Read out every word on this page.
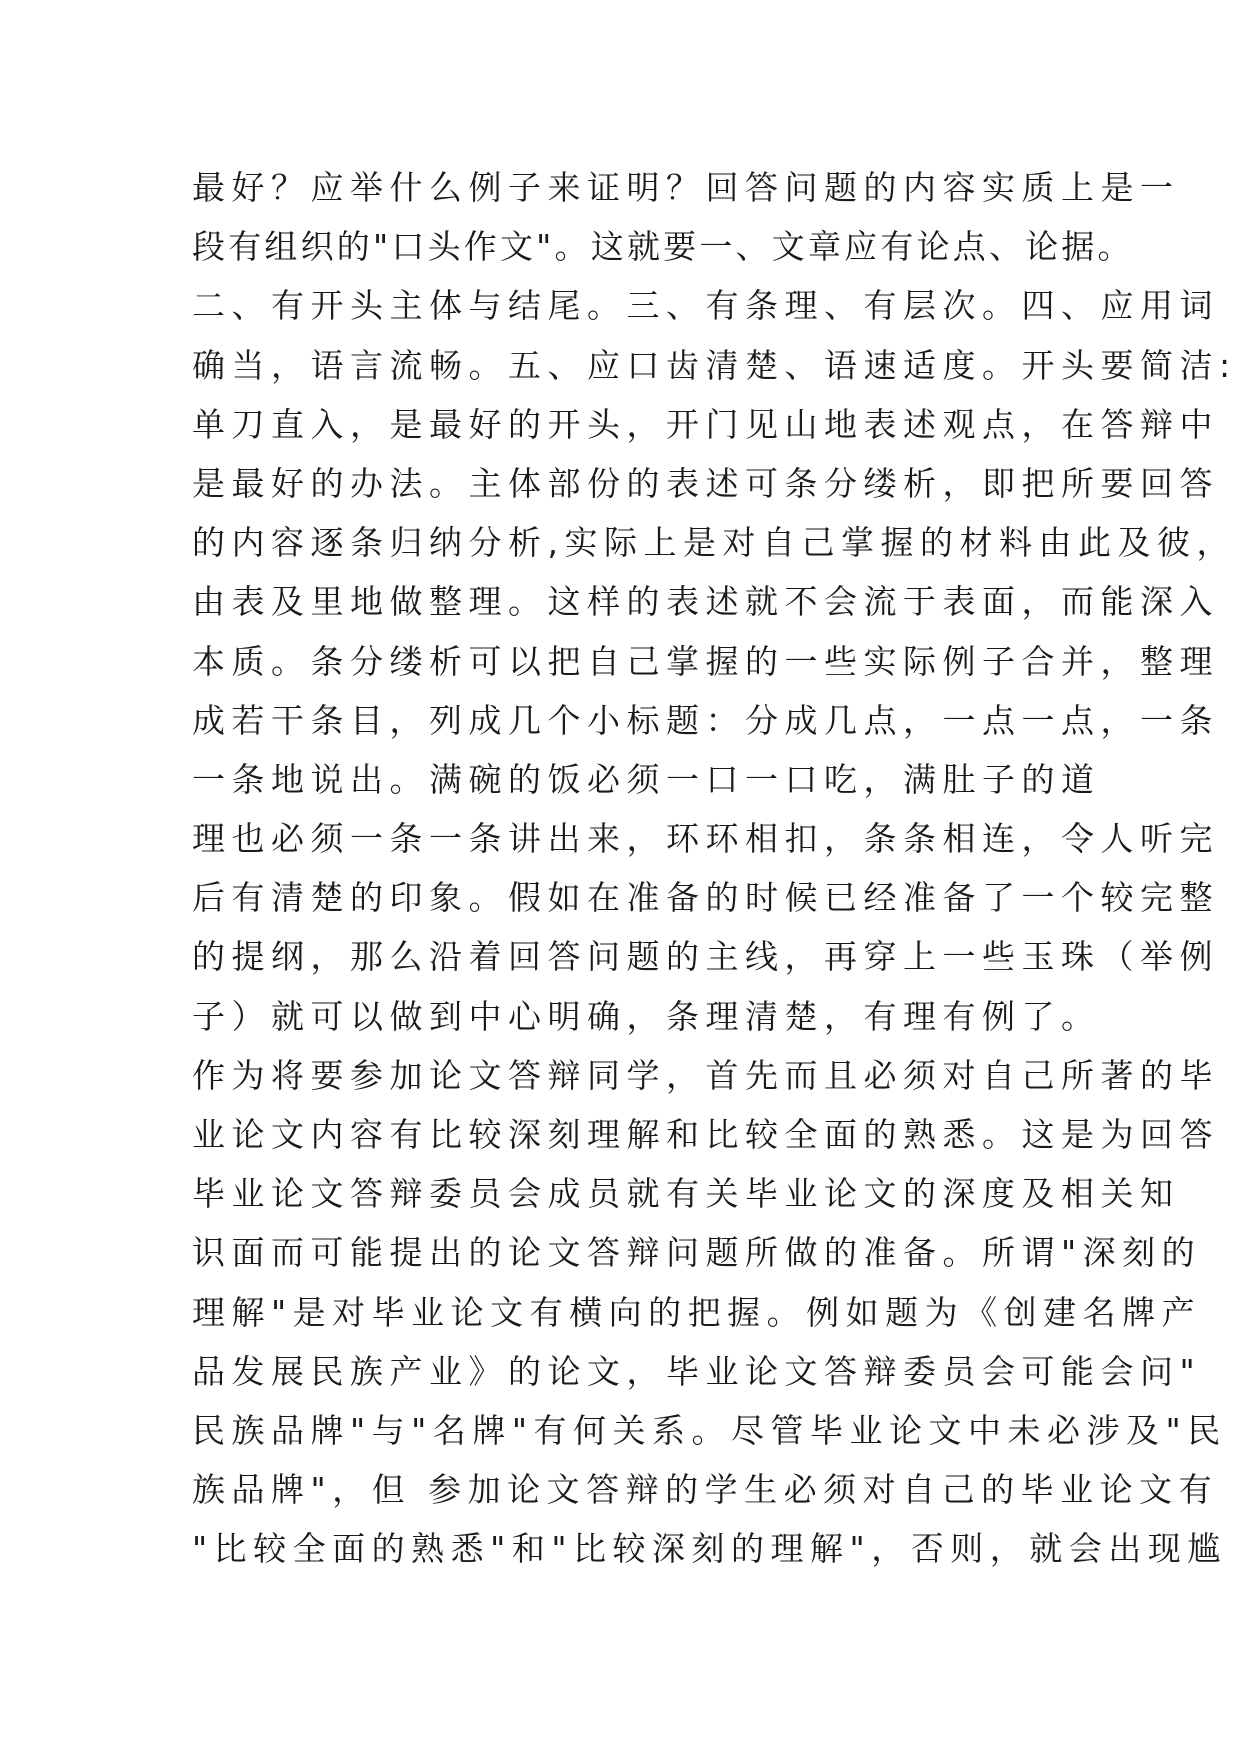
最好？应举什么例子来证明？回答问题的内容实质上是一
段有组织的"口头作文"。这就要一、文章应有论点、论据。
二、有开头主体与结尾。三、有条理、有层次。四、应用词
确当，语言流畅。五、应口齿清楚、语速适度。开头要简洁:
单刀直入，是最好的开头，开门见山地表述观点，在答辩中
是最好的办法。主体部份的表述可条分缕析，即把所要回答
的内容逐条归纳分析,实际上是对自己掌握的材料由此及彼，
由表及里地做整理。这样的表述就不会流于表面，而能深入
本质。条分缕析可以把自己掌握的一些实际例子合并，整理
成若干条目，列成几个小标题：分成几点，一点一点，一条
一条地说出。满碗的饭必须一口一口吃，满肚子的道
理也必须一条一条讲出来，环环相扣，条条相连，令人听完
后有清楚的印象。假如在准备的时候已经准备了一个较完整
的提纲，那么沿着回答问题的主线，再穿上一些玉珠（举例
子）就可以做到中心明确，条理清楚，有理有例了。
作为将要参加论文答辩同学，首先而且必须对自己所著的毕
业论文内容有比较深刻理解和比较全面的熟悉。这是为回答
毕业论文答辩委员会成员就有关毕业论文的深度及相关知
识面而可能提出的论文答辩问题所做的准备。所谓"深刻的
理解"是对毕业论文有横向的把握。例如题为《创建名牌产
品发展民族产业》的论文，毕业论文答辩委员会可能会问"
民族品牌"与"名牌"有何关系。尽管毕业论文中未必涉及"民
族品牌"，但 参加论文答辩的学生必须对自己的毕业论文有
"比较全面的熟悉"和"比较深刻的理解"，否则，就会出现尴
